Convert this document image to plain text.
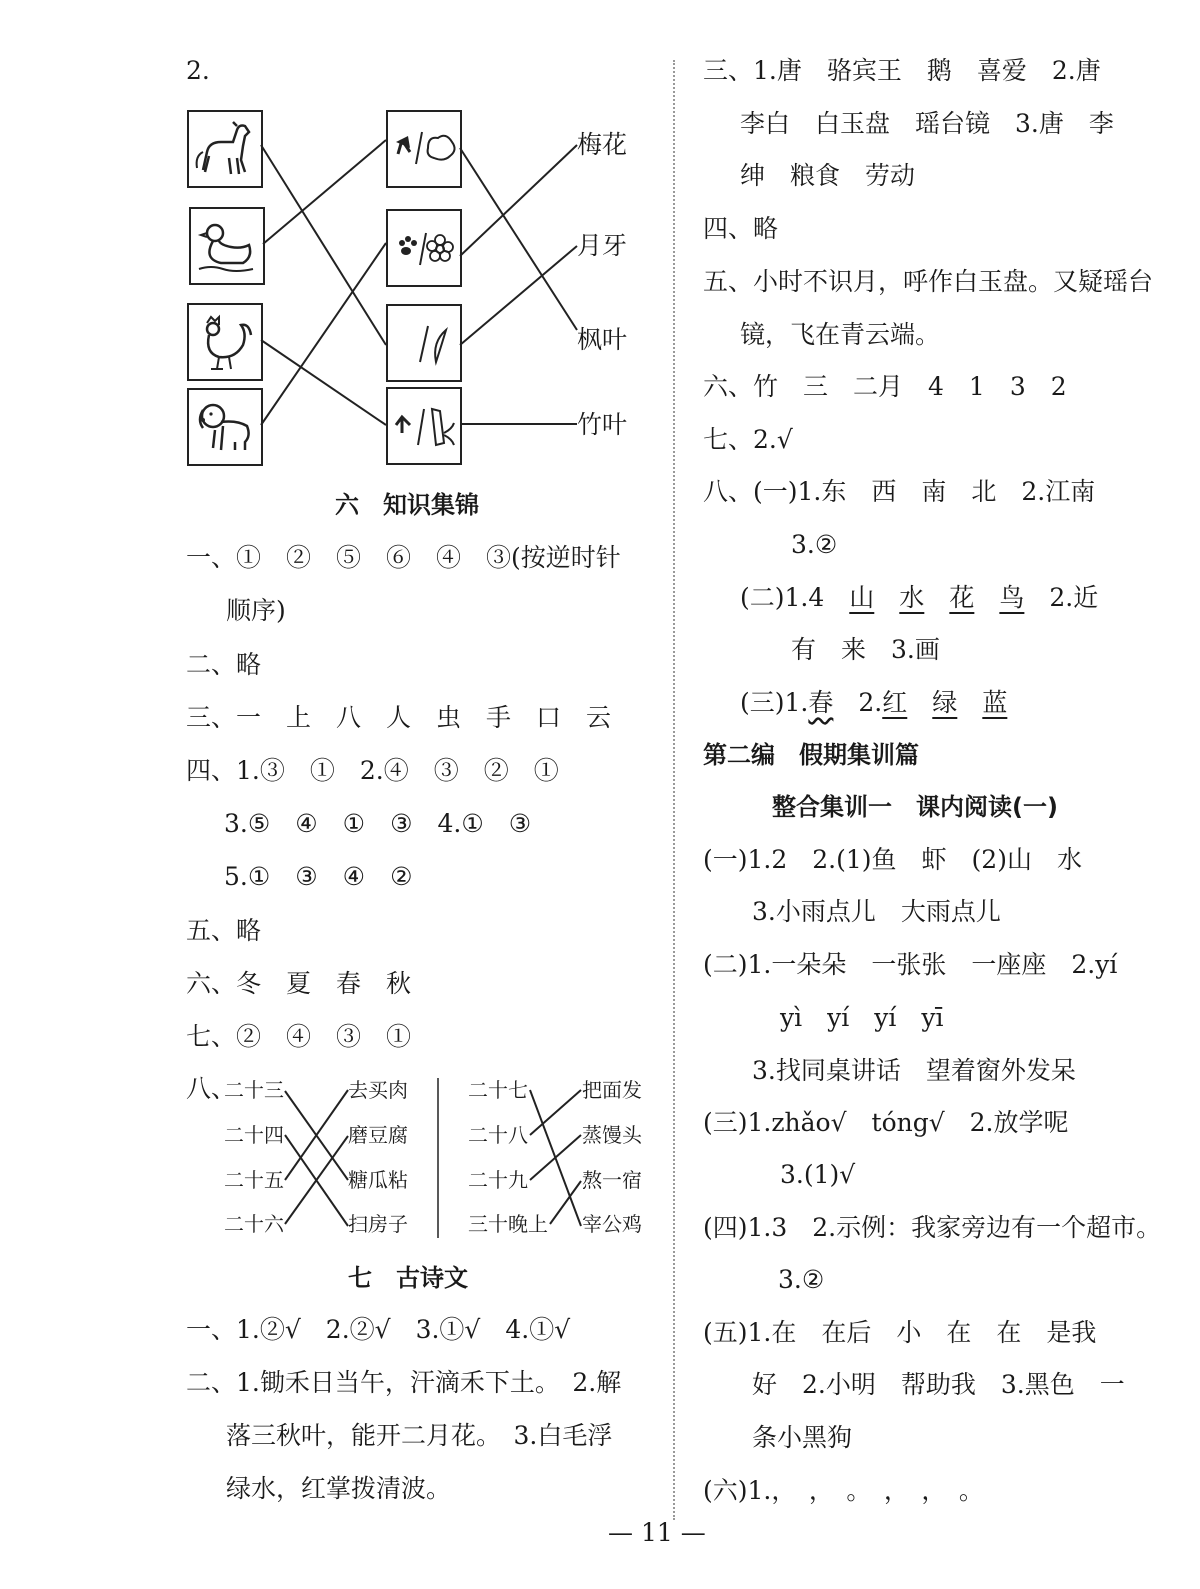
2.
梅花
月牙
枫叶
竹叶
六　知识集锦
一、①　②　⑤　⑥　④　③(按逆时针
顺序)
二、略
三、一　上　八　人　虫　手　口　云
四、1.③　①　2.④　③　②　①
3.⑤　④　①　③　4.①　③
5.①　③　④　②
五、略
六、冬　夏　春　秋
七、②　④　③　①
八、
二十三
二十四
二十五
二十六
去买肉
磨豆腐
糖瓜粘
扫房子
二十七
二十八
二十九
三十晚上
把面发
蒸馒头
熬一宿
宰公鸡
七　古诗文
一、1.②√　2.②√　3.①√　4.①√
二、1.锄禾日当午，汗滴禾下土。　2.解
落三秋叶，能开二月花。　3.白毛浮
绿水，红掌拨清波。
三、1.唐　骆宾王　鹅　喜爱　2.唐
李白　白玉盘　瑶台镜　3.唐　李
绅　粮食　劳动
四、略
五、小时不识月，呼作白玉盘。又疑瑶台
镜，飞在青云端。
六、竹　三　二月　4　1　3　2
七、2.√
八、(一)1.东　西　南　北　2.江南
3.②
(二)1.4　山　 水　 花　 鸟　2.近
有　来　3.画
(三)1.春　2.红　 绿　 蓝
第二编　假期集训篇
整合集训一　课内阅读(一)
(一)1.2　2.(1)鱼　虾　(2)山　水
3.小雨点儿　大雨点儿
(二)1.一朵朵　一张张　一座座　2.yí
yì　yí　yí　yī
3.找同桌讲话　望着窗外发呆
(三)1.zhǎo√　tóng√　2.放学呢
3.(1)√
(四)1.3　2.示例：我家旁边有一个超市。
3.②
(五)1.在　在后　小　在　在　是我
好　2.小明　帮助我　3.黑色　一
条小黑狗
(六)1.，　，　。　，　，　。
— 11 —
